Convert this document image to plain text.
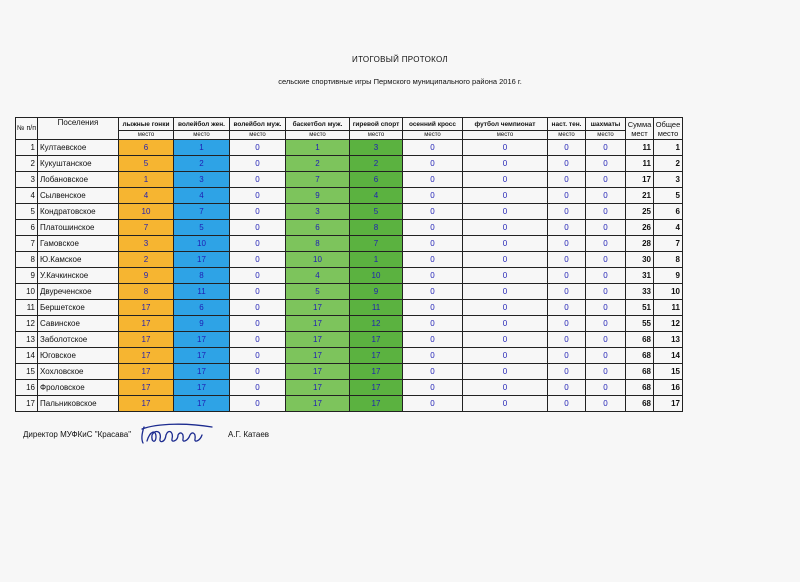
ИТОГОВЫЙ ПРОТОКОЛ
сельские спортивные игры Пермского муниципального района 2016 г.
№ п/п	Поселения	лыжные гонки	волейбол жен.	волейбол муж.	баскетбол муж.	гиревой спорт	осенний кросс	футбол чемпионат	наст. тен.	шахматы	Сумма мест	Общее место
		место	место	место	место	место	место	место	место	место		
1	Култаевское	6	1	0	1	3	0	0	0	0	11	1
2	Кукуштанское	5	2	0	2	2	0	0	0	0	11	2
3	Лобановское	1	3	0	7	6	0	0	0	0	17	3
4	Сылвенское	4	4	0	9	4	0	0	0	0	21	5
5	Кондратовское	10	7	0	3	5	0	0	0	0	25	6
6	Платошинское	7	5	0	6	8	0	0	0	0	26	4
7	Гамовское	3	10	0	8	7	0	0	0	0	28	7
8	Ю.Камское	2	17	0	10	1	0	0	0	0	30	8
9	У.Качкинское	9	8	0	4	10	0	0	0	0	31	9
10	Двуреченское	8	11	0	5	9	0	0	0	0	33	10
11	Бершетское	17	6	0	17	11	0	0	0	0	51	11
12	Савинское	17	9	0	17	12	0	0	0	0	55	12
13	Заболотское	17	17	0	17	17	0	0	0	0	68	13
14	Юговское	17	17	0	17	17	0	0	0	0	68	14
15	Хохловское	17	17	0	17	17	0	0	0	0	68	15
16	Фроловское	17	17	0	17	17	0	0	0	0	68	16
17	Пальниковское	17	17	0	17	17	0	0	0	0	68	17
Директор МУФКиС "Красава"	А.Г. Катаев
